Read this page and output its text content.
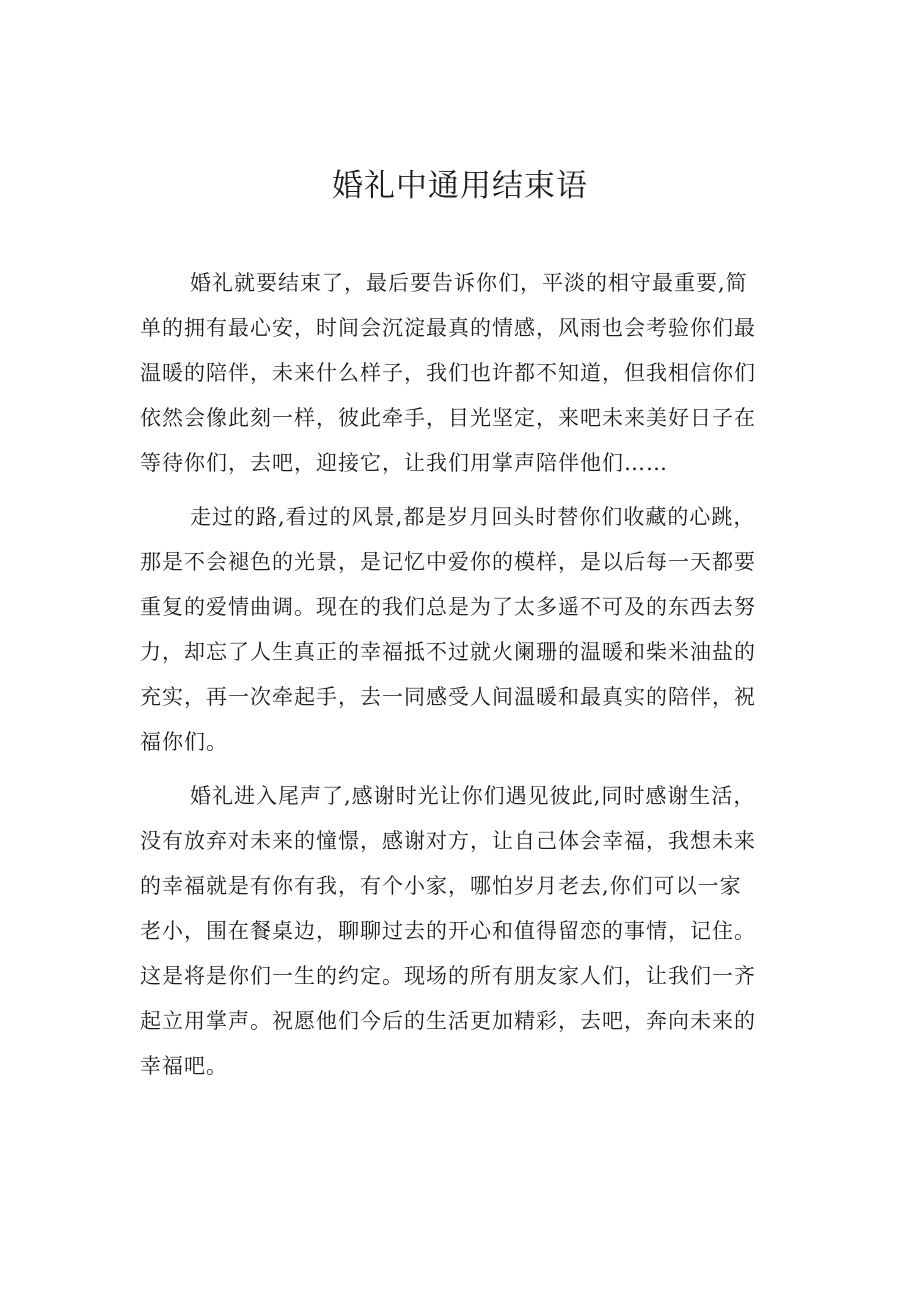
婚礼中通用结束语

婚礼就要结束了，最后要告诉你们，平淡的相守最重要,简
单的拥有最心安，时间会沉淀最真的情感，风雨也会考验你们最
温暖的陪伴，未来什么样子，我们也许都不知道，但我相信你们
依然会像此刻一样，彼此牵手，目光坚定，来吧未来美好日子在
等待你们，去吧，迎接它，让我们用掌声陪伴他们……

走过的路,看过的风景,都是岁月回头时替你们收藏的心跳，
那是不会褪色的光景，是记忆中爱你的模样，是以后每一天都要
重复的爱情曲调。现在的我们总是为了太多遥不可及的东西去努
力，却忘了人生真正的幸福抵不过就火阑珊的温暖和柴米油盐的
充实，再一次牵起手，去一同感受人间温暖和最真实的陪伴，祝
福你们。

婚礼进入尾声了,感谢时光让你们遇见彼此,同时感谢生活，
没有放弃对未来的憧憬，感谢对方，让自己体会幸福，我想未来
的幸福就是有你有我，有个小家，哪怕岁月老去,你们可以一家
老小，围在餐桌边，聊聊过去的开心和值得留恋的事情，记住。
这是将是你们一生的约定。现场的所有朋友家人们，让我们一齐
起立用掌声。祝愿他们今后的生活更加精彩，去吧，奔向未来的
幸福吧。
